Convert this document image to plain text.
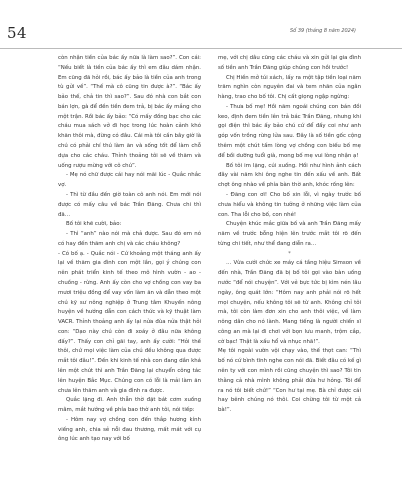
54	Số 39 (tháng 8 năm 2024)

còn nhận tiền của bác ấy nữa là làm sao?”. Con cái: “Nếu biết là tiền của bác ấy thì em đâu dám nhận. Em cũng đã hỏi rồi, bác ấy bảo là tiền của anh trong tù gửi về”. “Thế mà cô cũng tin được à?”. “Bác ấy bảo thế, chả tin thì sao?”. Sau đó nhà con bắt con bán lợn, gà để đền tiền đem trả, bị bác ấy mắng cho một trận. Rồi bác ấy bảo: “Có mấy đồng bạc cho các cháu mua sách vở đi học trong lúc hoàn cảnh khó khăn thôi mà, đừng có đâu. Cái mà tôi cần bây giờ là chú có phải chí thú làm ăn và sống tốt để làm chỗ dựa cho các cháu. Thỉnh thoảng tôi sẽ về thăm và uống rượu mừng với cô chú”.

- Mẹ nó chữ được cái hay nói mãi lúc - Quắc nhắc vợ.

- Thì từ đầu đến giờ toàn cô anh nói. Em mới nói được có mấy câu về bác Trần Đăng. Chưa chi thì đã…

Bố tôi khẽ cười, bảo:

- Thì “anh” nào nói mà chả được. Sau đó em nó có hay đến thăm anh chị và các cháu không?

- Có bố ạ. - Quắc nói - Cứ khoảng một tháng anh ấy lại về thăm gia đình con một lần, gọi ý chúng con nên phát triển kinh tế theo mô hình vườn - ao - chuồng - rừng. Anh ấy còn cho vợ chồng con vay ba mươi triệu đồng để vay vốn làm ăn và dẫn theo một chú kỹ sư nông nghiệp ở Trung tâm Khuyến nông huyện về hướng dẫn con cách thức và kỹ thuật làm VACR. Thỉnh thoảng anh ấy lại nửa đùa nửa thật hỏi con: “Dạo này chú còn đi xoáy ở đâu nữa không đấy?”. Thấy con chỉ gãi tay, anh ấy cười: “Hỏi thế thôi, chứ mọi việc làm của chú đều không qua được mắt tôi đâu!”. Đến khi kinh tế nhà con đang dần khá lên một chút thì anh Trần Đăng lại chuyển công tác lên huyện Bắc Mục. Chúng con có lỗi là mải làm ăn chưa lên thăm anh và gia đình ra được.

Quắc lặng đi. Anh thẫn thờ đặt bát cơm xuống mâm, mắt hướng về phía bao thờ anh tôi, nói tiếp:

- Hôm nay vợ chồng con đến thắp hương kính viếng anh, chia sẻ nỗi đau thương, mất mát với cụ ông lúc anh tạo nay với bố

mẹ, với chị dâu cũng các cháu và xin gửi lại gia đình số tiền anh Trần Đăng giúp chúng con hồi trước!

Chị Hiền mở túi xách, lấy ra một tập tiền loại năm trăm nghìn còn nguyên đai và tem nhãn của ngân hàng, trao cho bố tôi. Chị cất giọng ngập ngừng:

- Thưa bố mẹ! Hồi năm ngoái chúng con bán đồi keo, định đem tiền lên trả bác Trần Đăng, nhưng khi gọi điện thì bác ấy bảo chú cứ để đấy coi như anh góp vốn trồng rừng lửa sau. Đây là số tiền gốc cộng thêm một chút tấm lòng vợ chồng con biếu bố mẹ để bồi dưỡng tuổi già, mong bố mẹ vui lòng nhận ạ!

Bố tôi im lặng, cúi xuống. Hồi như hình ảnh cách đây vài năm khi ông nghe tin đến xấu về anh. Bất chợt ông nhào về phía bàn thờ anh, khóc rống lên:

- Đăng con ơi! Cho bố xin lỗi, vì ngày trước bố chưa hiểu và không tin tưởng ở những việc làm của con. Tha lỗi cho bố, con nhé!

Chuyện khúc mắc giữa bố và anh Trần Đăng mấy năm về trước bỗng hiện lên trước mắt tôi rõ đến từng chi tiết, như thể đang diễn ra…

*

… Vừa cưới chức xe máy cá tầng hiệu Simson về đến nhà, Trần Đăng đã bị bố tôi gọi vào bàn uống nước “để nói chuyện”. Với vẻ bực tức bị kìm nén lâu ngày, ông quát lớn: “Hôm nay anh phải nói rõ hết mọi chuyện, nếu không tôi sẽ từ anh. Không chỉ tôi mà, tôi còn làm đơn xin cho anh thôi việc, về làm nông dân cho nó lành. Mang tiếng là người chiến sĩ công an mà lại đi chơi với bọn lưu manh, trộm cắp, cờ bạc! Thật là xấu hổ và nhục nhã!”.

Mẹ tôi ngoài vườn vội chạy vào, thế thọt can: “Thì bố nó cứ bình tĩnh nghe con nói đã. Biết đâu có kế gì nên ty với con mình rồi cũng chuyện thì sao? Tôi tin thằng cả nhà mình không phải đứa hư hỏng. Tôi để ra nó tôi biết chứ!” “Con hư tại mẹ. Bà chỉ được cái hay bênh chúng nó thôi. Coi chừng tôi từ một cả bà!”.
